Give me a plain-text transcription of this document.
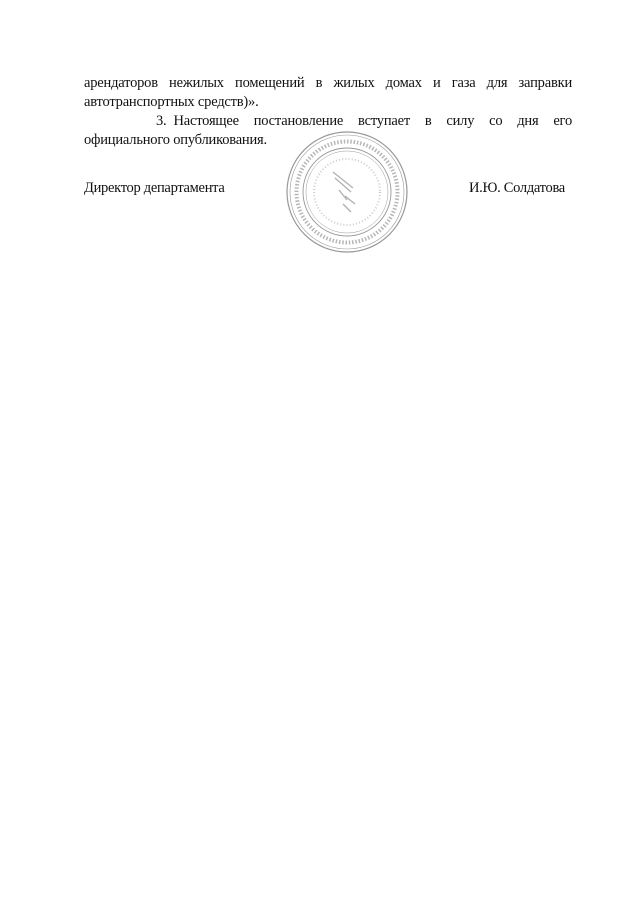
арендаторов нежилых помещений в жилых домах и газа для заправки автотранспортных средств)».
3. Настоящее постановление вступает в силу со дня его официального опубликования.
Директор департамента	И.Ю. Солдатова
